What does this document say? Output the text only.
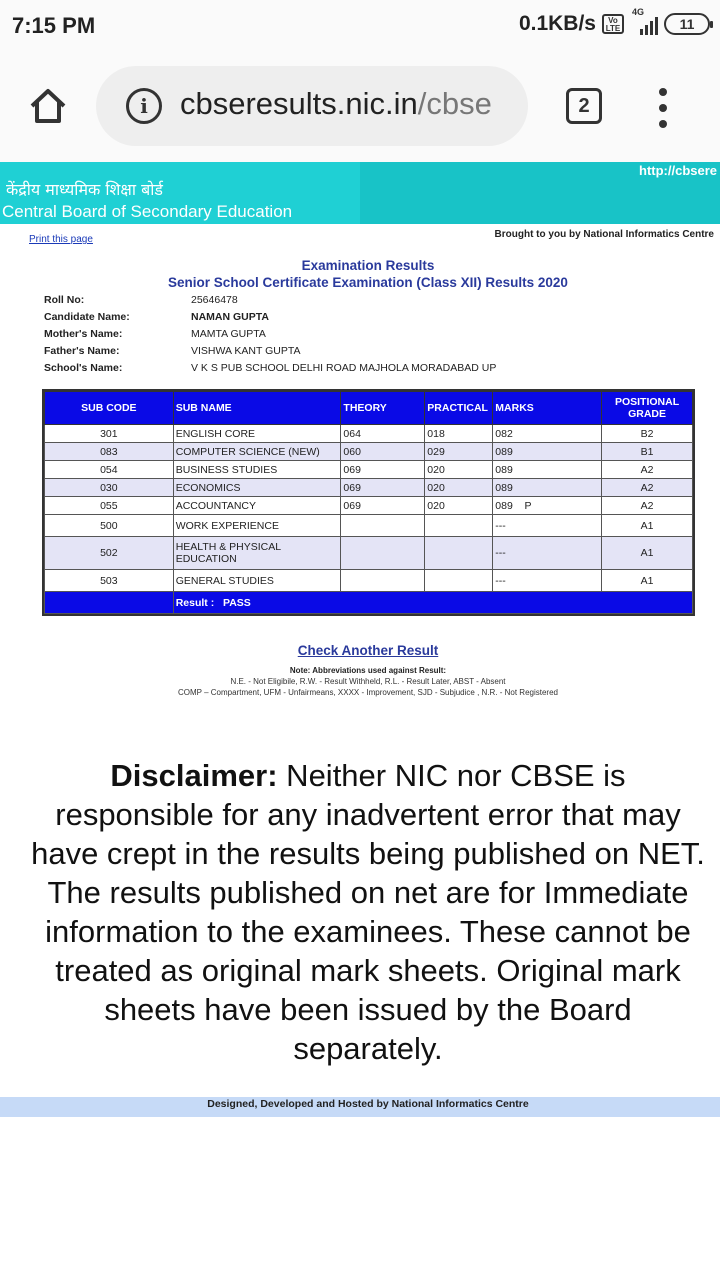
7:15 PM	0.1KB/s	Vo LTE
4G
11
i	cbseresults.nic.in/cbse	2
केंद्रीय माध्यमिक शिक्षा बोर्ड
Central Board of Secondary Education
http://cbsere
Print this page	Brought to you by National Informatics Centre
Examination Results
Senior School Certificate Examination (Class XII) Results 2020
Roll No:	25646478
Candidate Name:	NAMAN GUPTA
Mother's Name:	MAMTA GUPTA
Father's Name:	VISHWA KANT GUPTA
School's Name:	V K S PUB SCHOOL DELHI ROAD MAJHOLA MORADABAD UP
SUB CODE	SUB NAME	THEORY	PRACTICAL	MARKS	POSITIONAL GRADE
301	ENGLISH CORE	064	018	082	B2
083	COMPUTER SCIENCE (NEW)	060	029	089	B1
054	BUSINESS STUDIES	069	020	089	A2
030	ECONOMICS	069	020	089	A2
055	ACCOUNTANCY	069	020	089    P	A2
500	WORK EXPERIENCE			---	A1
502	HEALTH & PHYSICAL EDUCATION			---	A1
503	GENERAL STUDIES			---	A1
	Result : PASS				
Check Another Result
Note: Abbreviations used against Result:
N.E. - Not Eligibile, R.W. - Result Withheld, R.L. - Result Later, ABST - Absent
COMP – Compartment, UFM - Unfairmeans, XXXX - Improvement, SJD - Subjudice , N.R. - Not Registered
Disclaimer: Neither NIC nor CBSE is responsible for any inadvertent error that may have crept in the results being published on NET. The results published on net are for Immediate information to the examinees. These cannot be treated as original mark sheets. Original mark sheets have been issued by the Board separately.
Designed, Developed and Hosted by National Informatics Centre
